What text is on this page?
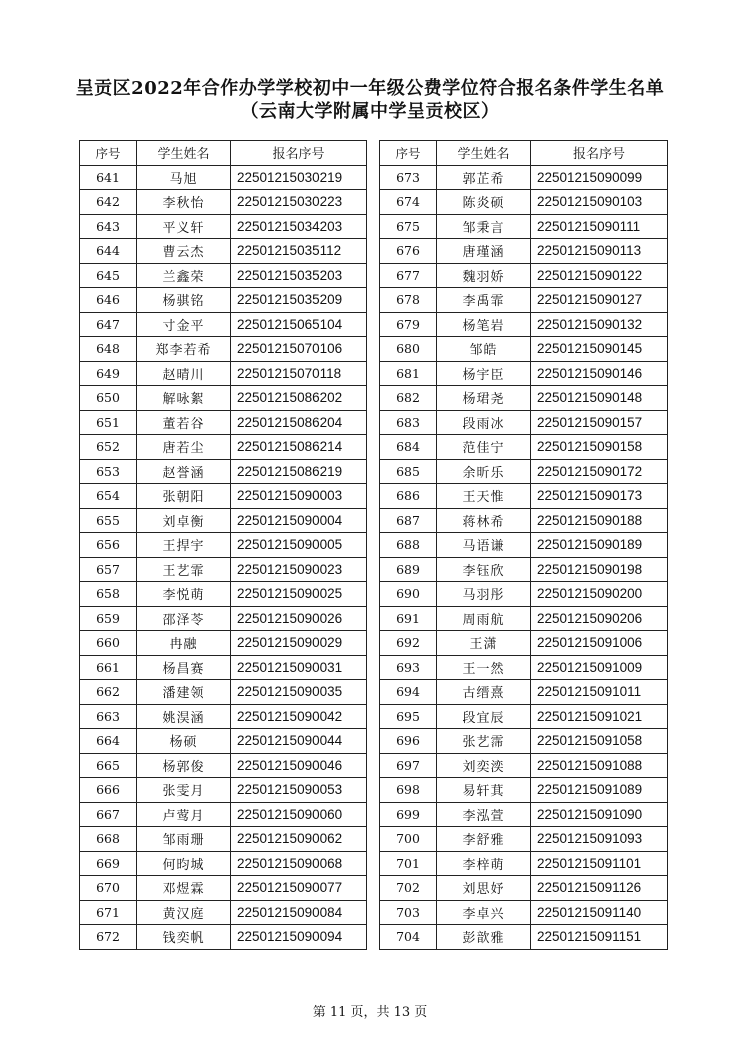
呈贡区2022年合作办学学校初中一年级公费学位符合报名条件学生名单
（云南大学附属中学呈贡校区）
序号	学生姓名	报名序号		序号	学生姓名	报名序号
641	马旭	22501215030219		673	郭芷希	22501215090099
642	李秋怡	22501215030223		674	陈炎硕	22501215090103
643	平义轩	22501215034203		675	邹秉言	22501215090111
644	曹云杰	22501215035112		676	唐瑾涵	22501215090113
645	兰鑫荣	22501215035203		677	魏羽娇	22501215090122
646	杨骐铭	22501215035209		678	李禹霏	22501215090127
647	寸金平	22501215065104		679	杨笔岩	22501215090132
648	郑李若希	22501215070106		680	邹皓	22501215090145
649	赵晴川	22501215070118		681	杨宇臣	22501215090146
650	解咏絮	22501215086202		682	杨珺尧	22501215090148
651	董若谷	22501215086204		683	段雨冰	22501215090157
652	唐若尘	22501215086214		684	范佳宁	22501215090158
653	赵誉涵	22501215086219		685	余昕乐	22501215090172
654	张朝阳	22501215090003		686	王天惟	22501215090173
655	刘卓衡	22501215090004		687	蒋林希	22501215090188
656	王捍宇	22501215090005		688	马语谦	22501215090189
657	王艺霏	22501215090023		689	李钰欣	22501215090198
658	李悦萌	22501215090025		690	马羽彤	22501215090200
659	邵泽苓	22501215090026		691	周雨航	22501215090206
660	冉融	22501215090029		692	王潇	22501215091006
661	杨昌赛	22501215090031		693	王一然	22501215091009
662	潘建领	22501215090035		694	古缙熹	22501215091011
663	姚淏涵	22501215090042		695	段宜辰	22501215091021
664	杨硕	22501215090044		696	张艺霈	22501215091058
665	杨郭俊	22501215090046		697	刘奕湙	22501215091088
666	张雯月	22501215090053		698	易轩萁	22501215091089
667	卢莺月	22501215090060		699	李泓萱	22501215091090
668	邹雨珊	22501215090062		700	李舒雅	22501215091093
669	何昀城	22501215090068		701	李梓萌	22501215091101
670	邓煜霖	22501215090077		702	刘思妤	22501215091126
671	黄汉庭	22501215090084		703	李卓兴	22501215091140
672	钱奕帆	22501215090094		704	彭歆雅	22501215091151
第 11 页，共 13 页
